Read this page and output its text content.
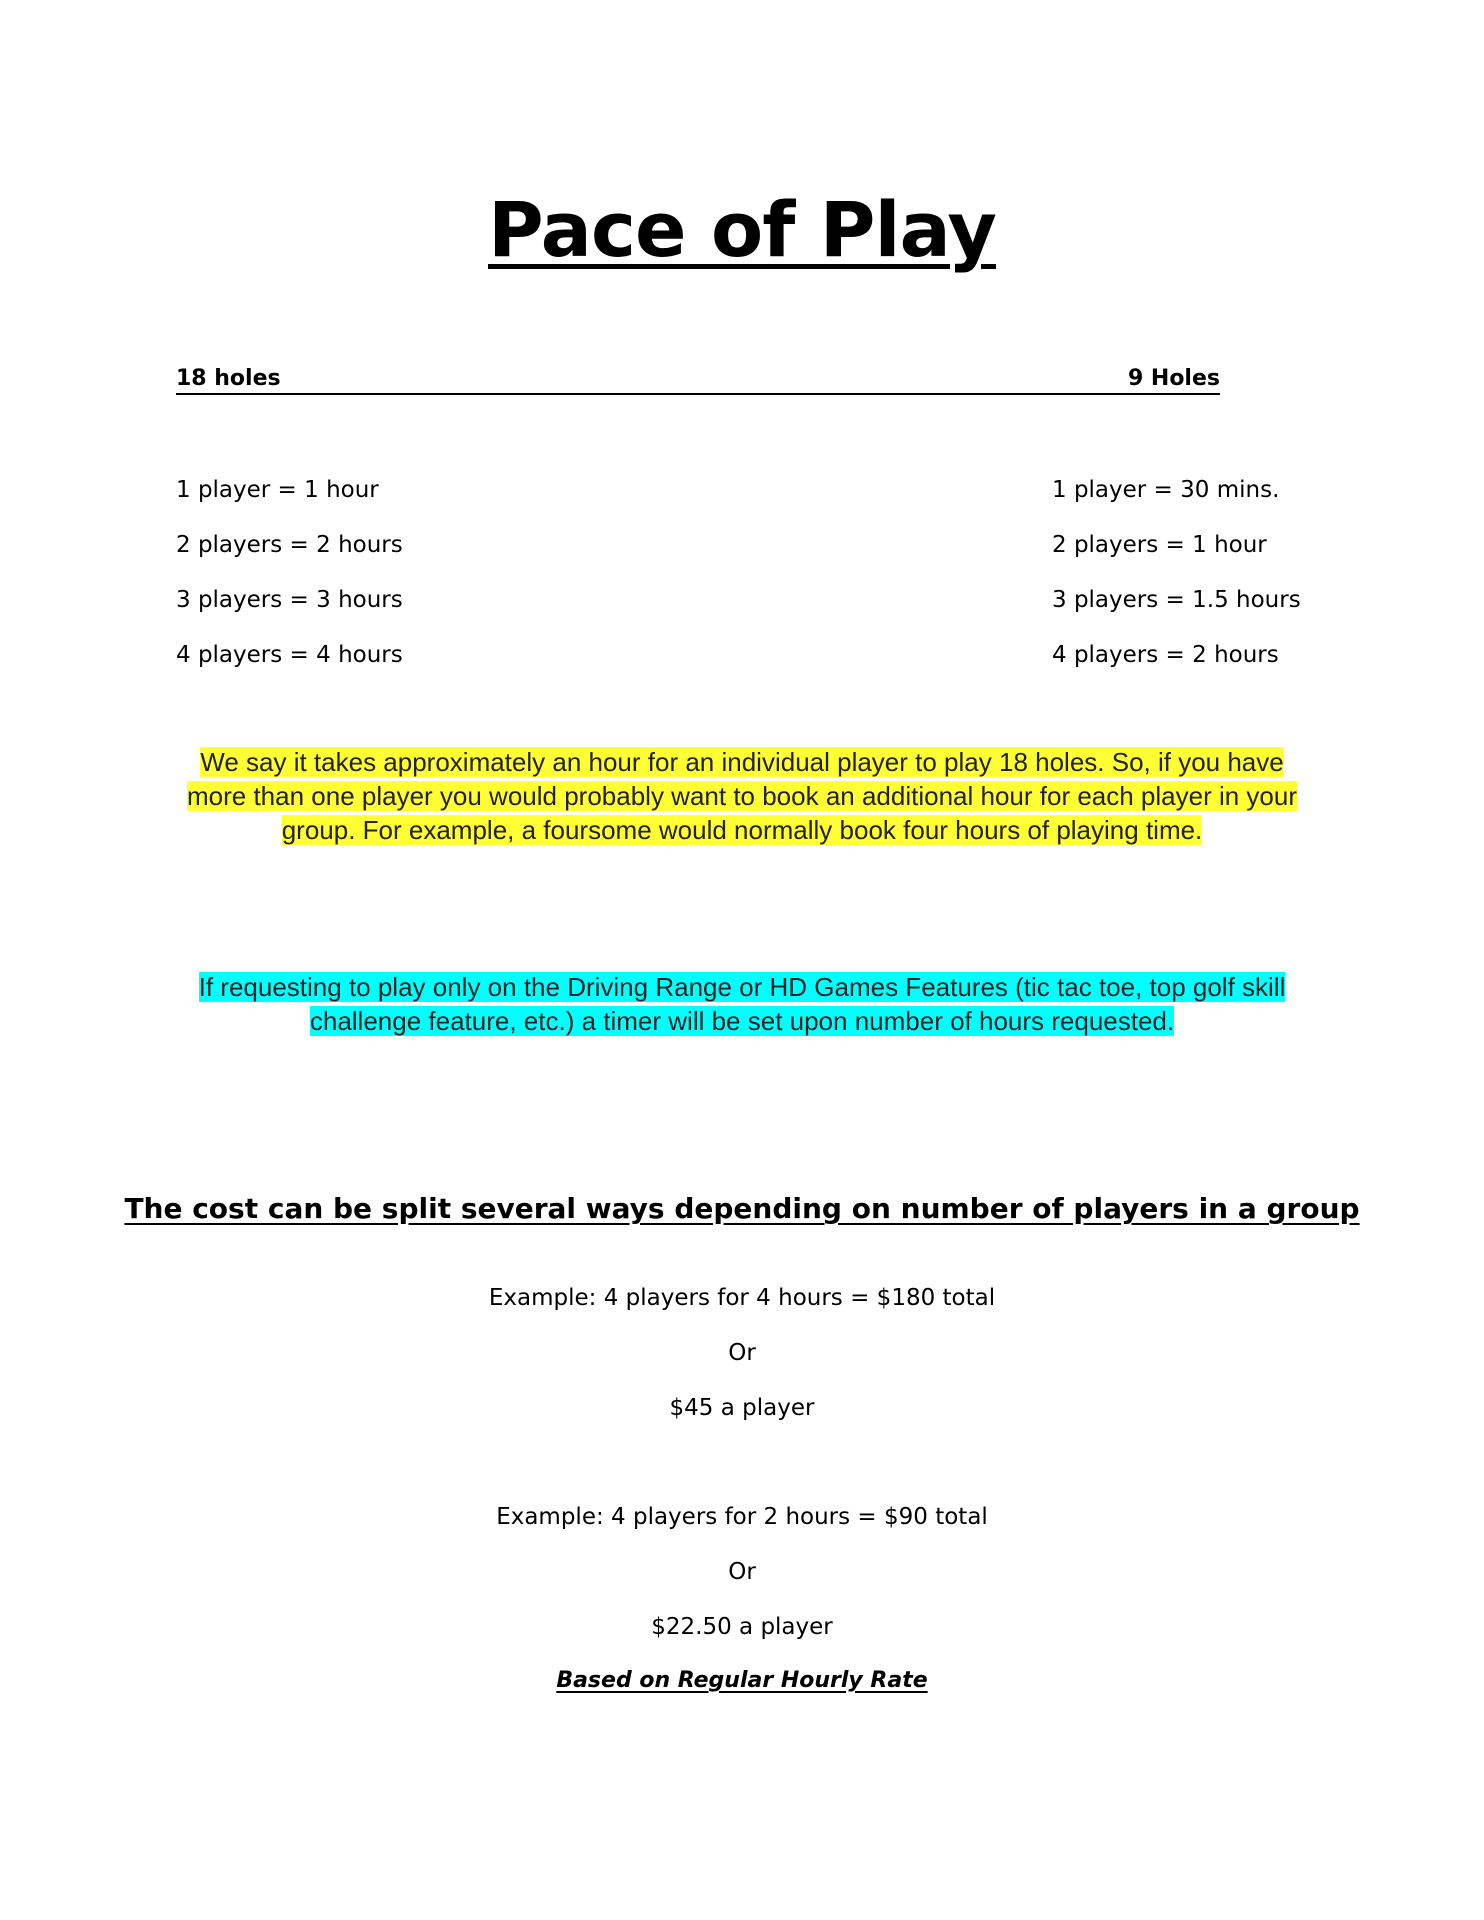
Pace of Play
18 holes	9 Holes
1 player = 1 hour
2 players = 2 hours
3 players = 3 hours
4 players = 4 hours
1 player = 30 mins.
2 players = 1 hour
3 players = 1.5 hours
4 players = 2 hours
We say it takes approximately an hour for an individual player to play 18 holes. So, if you have more than one player you would probably want to book an additional hour for each player in your group. For example, a foursome would normally book four hours of playing time.
If requesting to play only on the Driving Range or HD Games Features (tic tac toe, top golf skill challenge feature, etc.) a timer will be set upon number of hours requested.
The cost can be split several ways depending on number of players in a group
Example: 4 players for 4 hours = $180 total
Or
$45 a player
Example: 4 players for 2 hours = $90 total
Or
$22.50 a player
Based on Regular Hourly Rate
